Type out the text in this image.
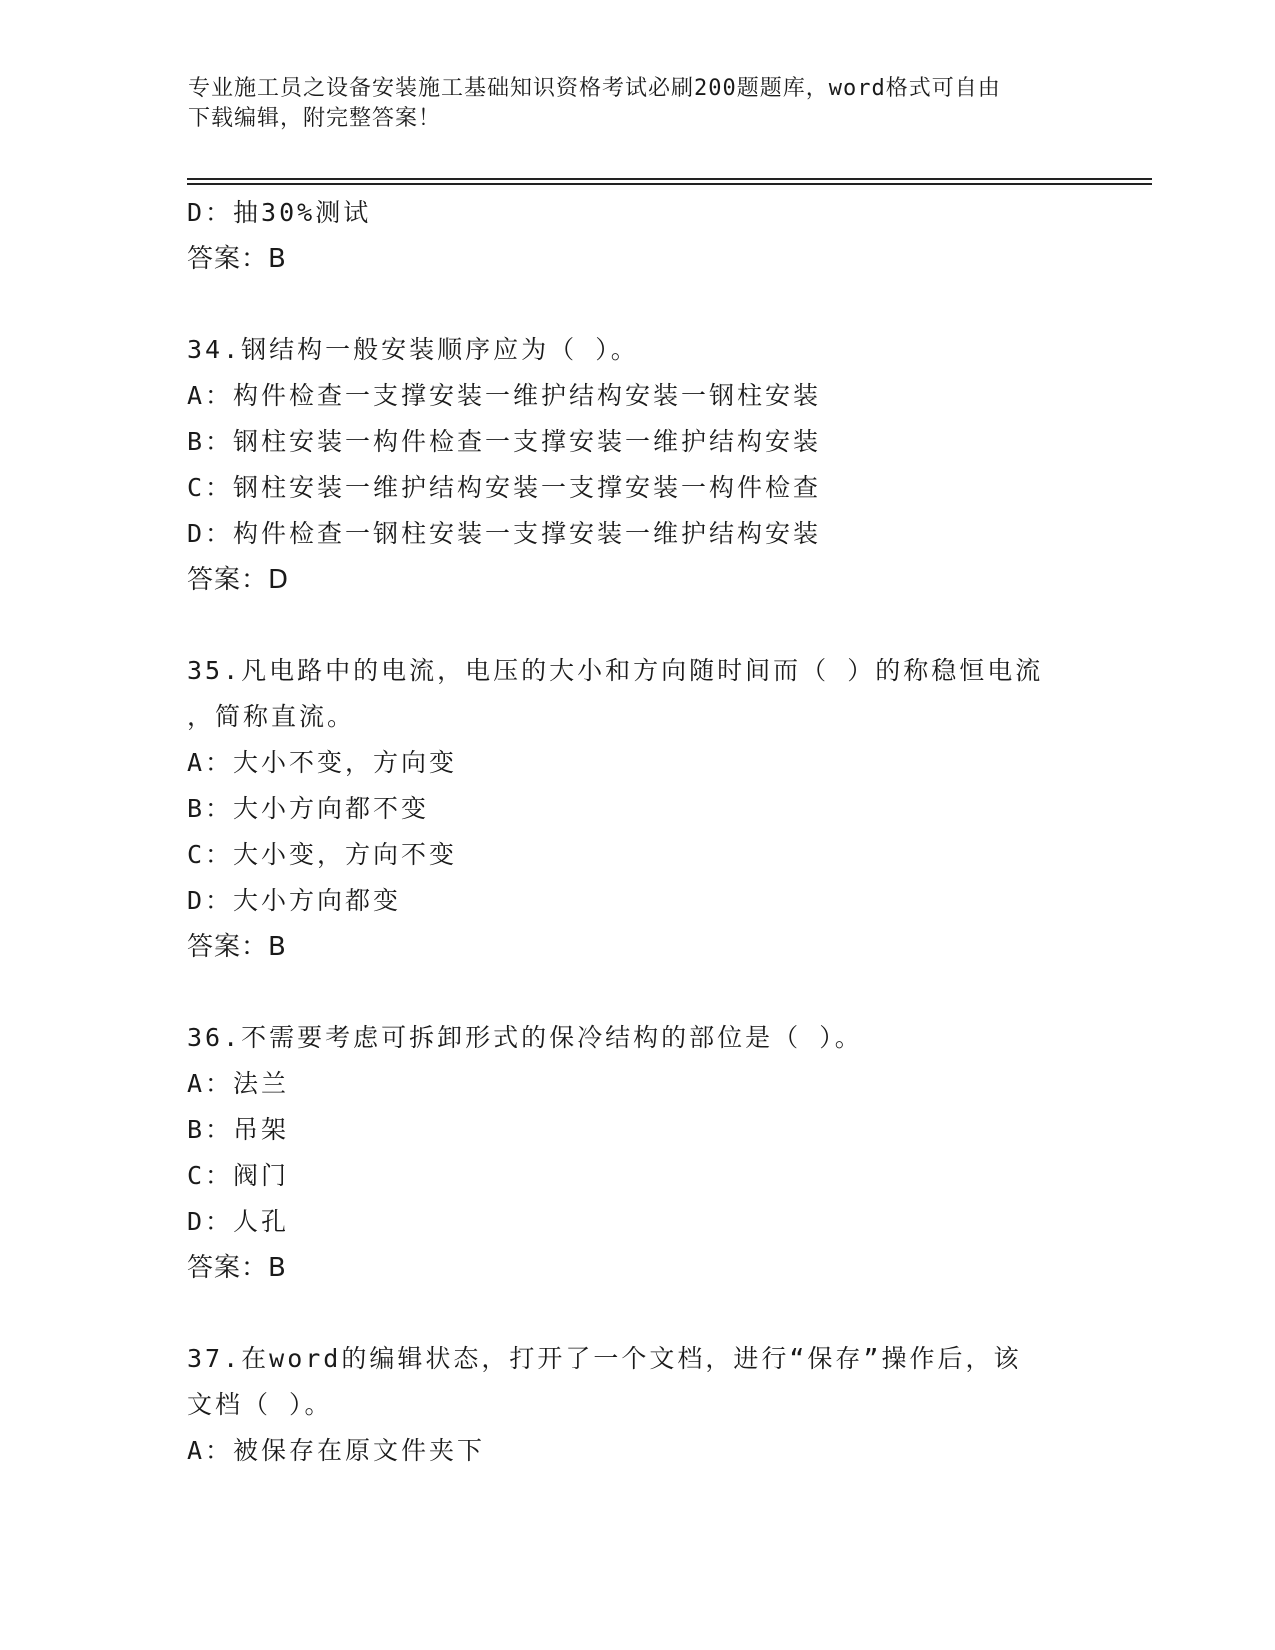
专业施工员之设备安装施工基础知识资格考试必刷200题题库，word格式可自由
下载编辑，附完整答案！
D：抽30%测试
答案：B
34.钢结构一般安装顺序应为（ ）。
A：构件检查一支撑安装一维护结构安装一钢柱安装
B：钢柱安装一构件检查一支撑安装一维护结构安装
C：钢柱安装一维护结构安装一支撑安装一构件检查
D：构件检查一钢柱安装一支撑安装一维护结构安装
答案：D
35.凡电路中的电流，电压的大小和方向随时间而（ ）的称稳恒电流
，简称直流。
A：大小不变，方向变
B：大小方向都不变
C：大小变，方向不变
D：大小方向都变
答案：B
36.不需要考虑可拆卸形式的保冷结构的部位是（ ）。
A：法兰
B：吊架
C：阀门
D：人孔
答案：B
37.在word的编辑状态，打开了一个文档，进行“保存”操作后，该
文档（ ）。
A：被保存在原文件夹下
